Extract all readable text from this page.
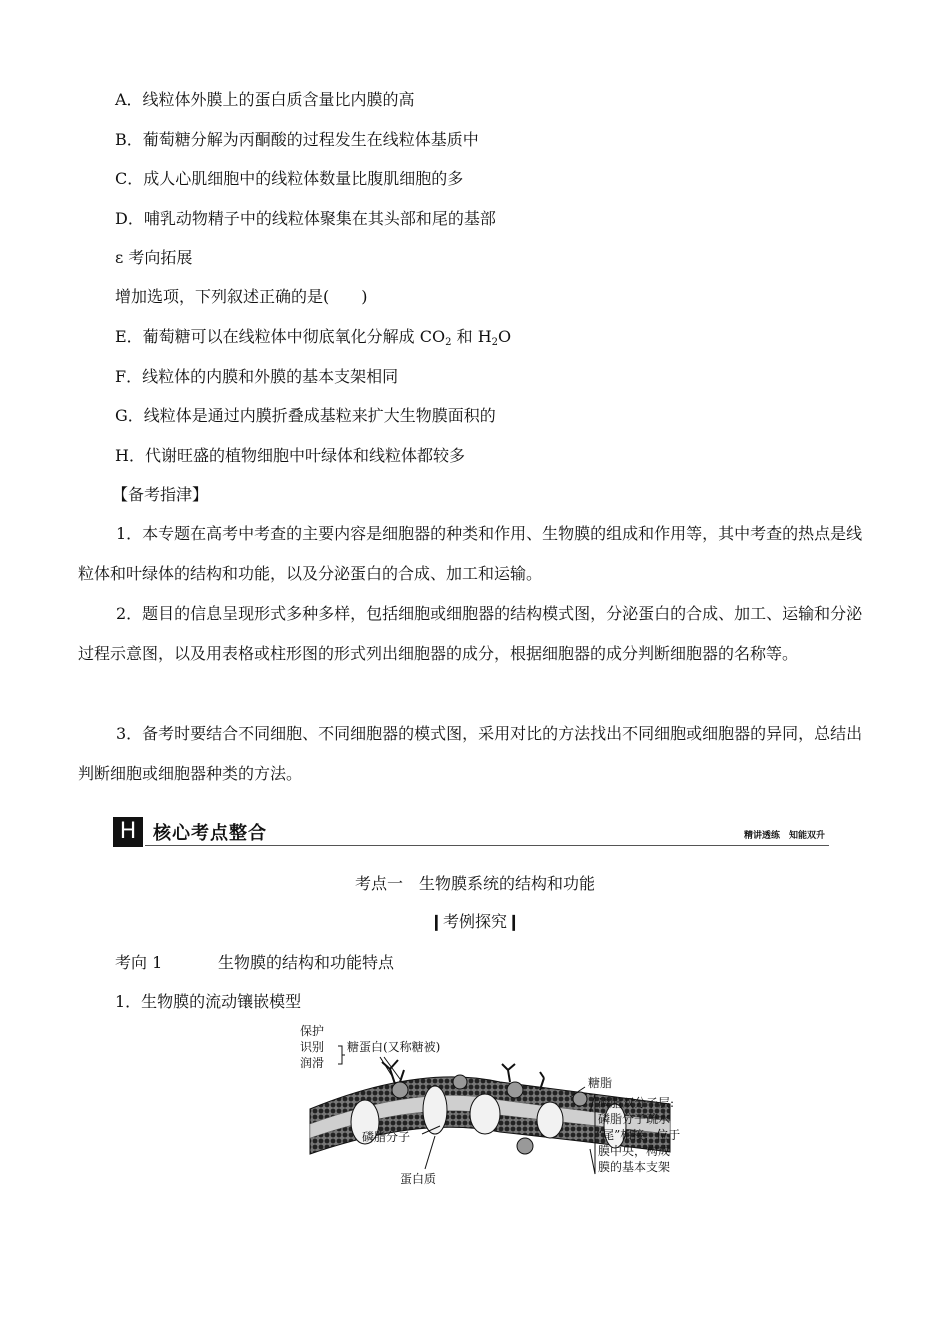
A．线粒体外膜上的蛋白质含量比内膜的高
B．葡萄糖分解为丙酮酸的过程发生在线粒体基质中
C．成人心肌细胞中的线粒体数量比腹肌细胞的多
D．哺乳动物精子中的线粒体聚集在其头部和尾的基部
ɛ 考向拓展
增加选项，下列叙述正确的是(　　)
E．葡萄糖可以在线粒体中彻底氧化分解成 $CO_2$ 和 $H_2O$
F．线粒体的内膜和外膜的基本支架相同
G．线粒体是通过内膜折叠成基粒来扩大生物膜面积的
H．代谢旺盛的植物细胞中叶绿体和线粒体都较多
【备考指津】
1．本专题在高考中考查的主要内容是细胞器的种类和作用、生物膜的组成和作用等，其中考查的热点是线粒体和叶绿体的结构和功能，以及分泌蛋白的合成、加工和运输。
2．题目的信息呈现形式多种多样，包括细胞或细胞器的结构模式图，分泌蛋白的合成、加工、运输和分泌过程示意图，以及用表格或柱形图的形式列出细胞器的成分，根据细胞器的成分判断细胞器的名称等。
3．备考时要结合不同细胞、不同细胞器的模式图，采用对比的方法找出不同细胞或细胞器的异同，总结出判断细胞或细胞器种类的方法。
H 核心考点整合	精讲透练　知能双升
考点一　生物膜系统的结构和功能
❙考例探究❙
考向 1	生物膜的结构和功能特点
1．生物膜的流动镶嵌模型
保护
识别
润滑
糖蛋白(又称糖被)
糖脂
磷脂分子
蛋白质
磷脂双分子层:
磷脂分子疏水
“尾”相接，位于
膜中央，构成
膜的基本支架
